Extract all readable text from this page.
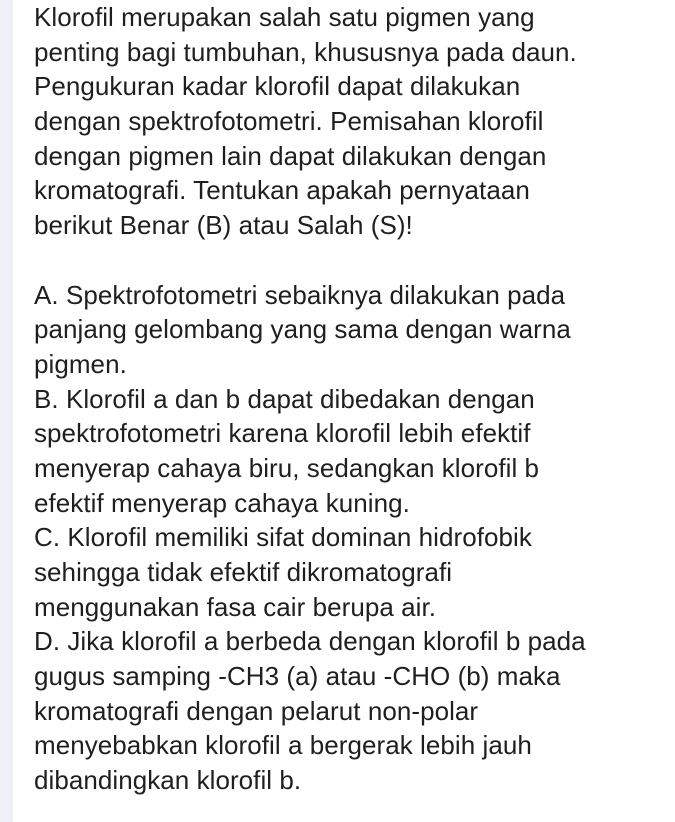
Klorofil merupakan salah satu pigmen yang
penting bagi tumbuhan, khususnya pada daun.
Pengukuran kadar klorofil dapat dilakukan
dengan spektrofotometri. Pemisahan klorofil
dengan pigmen lain dapat dilakukan dengan
kromatografi. Tentukan apakah pernyataan
berikut Benar (B) atau Salah (S)!
A. Spektrofotometri sebaiknya dilakukan pada
panjang gelombang yang sama dengan warna
pigmen.
B. Klorofil a dan b dapat dibedakan dengan
spektrofotometri karena klorofil lebih efektif
menyerap cahaya biru, sedangkan klorofil b
efektif menyerap cahaya kuning.
C. Klorofil memiliki sifat dominan hidrofobik
sehingga tidak efektif dikromatografi
menggunakan fasa cair berupa air.
D. Jika klorofil a berbeda dengan klorofil b pada
gugus samping -CH3 (a) atau -CHO (b) maka
kromatografi dengan pelarut non-polar
menyebabkan klorofil a bergerak lebih jauh
dibandingkan klorofil b.
